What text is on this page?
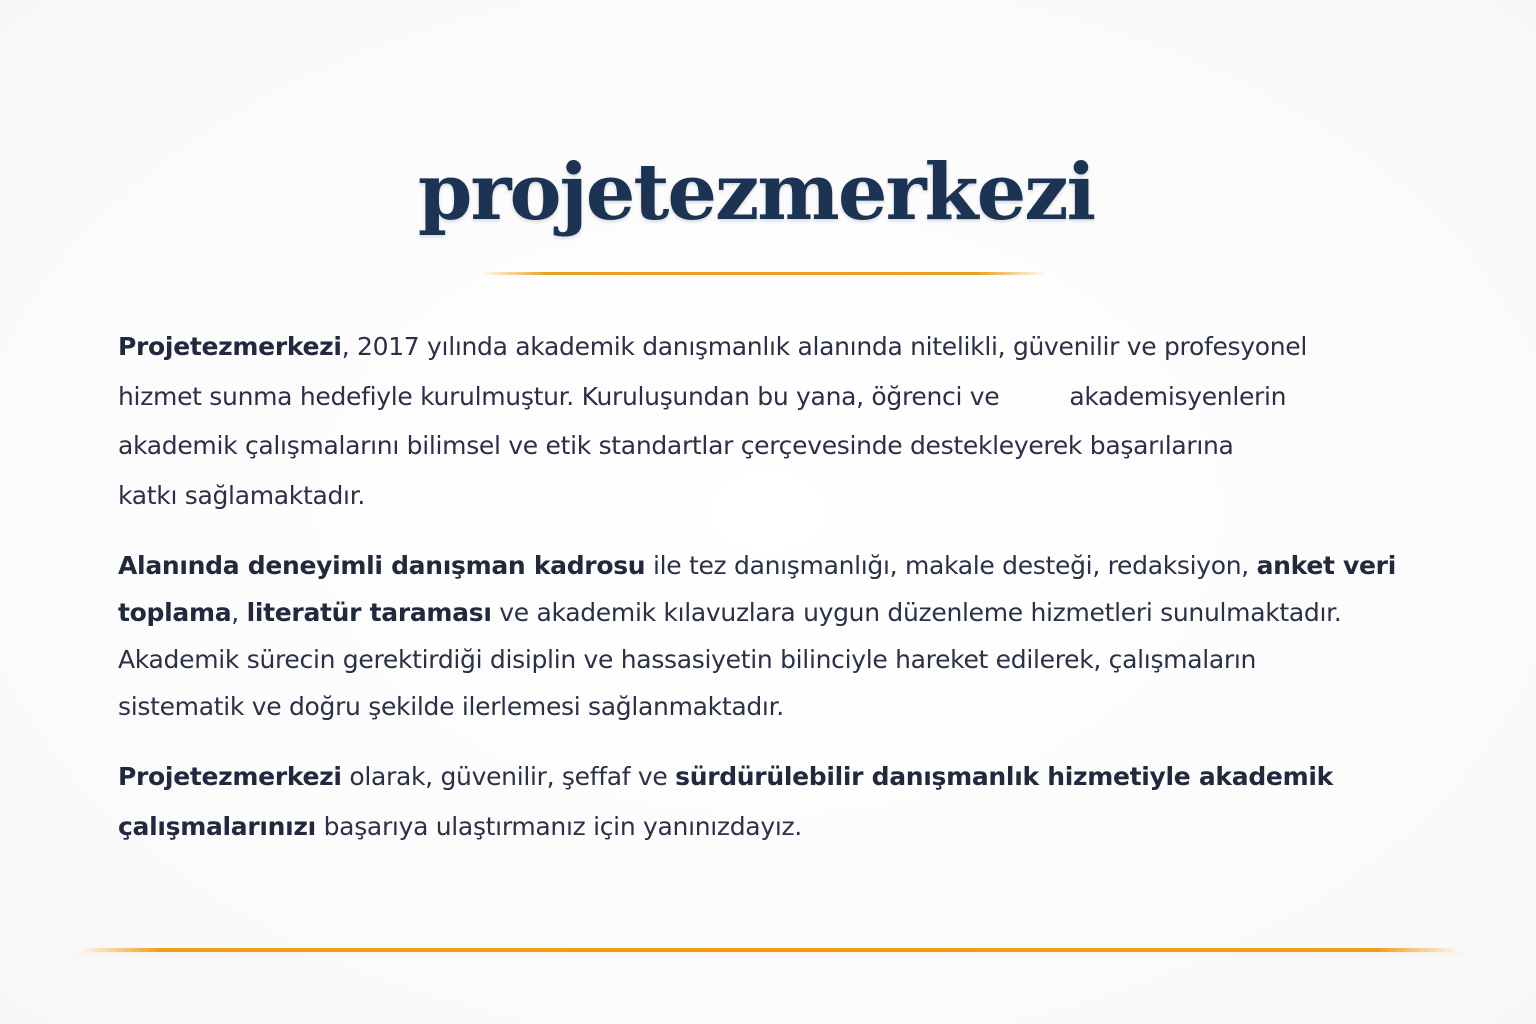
projetezmerkezi

Projetezmerkezi, 2017 yılında akademik danışmanlık alanında nitelikli, güvenilir ve profesyonel
hizmet sunma hedefiyle kurulmuştur. Kuruluşundan bu yana, öğrenci ve	akademisyenlerin
akademik çalışmalarını bilimsel ve etik standartlar çerçevesinde destekleyerek başarılarına
katkı sağlamaktadır.

Alanında deneyimli danışman kadrosu ile tez danışmanlığı, makale desteği, redaksiyon, anket veri
toplama, literatür taraması ve akademik kılavuzlara uygun düzenleme hizmetleri sunulmaktadır.
Akademik sürecin gerektirdiği disiplin ve hassasiyetin bilinciyle hareket edilerek, çalışmaların
sistematik ve doğru şekilde ilerlemesi sağlanmaktadır.

Projetezmerkezi olarak, güvenilir, şeffaf ve sürdürülebilir danışmanlık hizmetiyle akademik
çalışmalarınızı başarıya ulaştırmanız için yanınızdayız.
